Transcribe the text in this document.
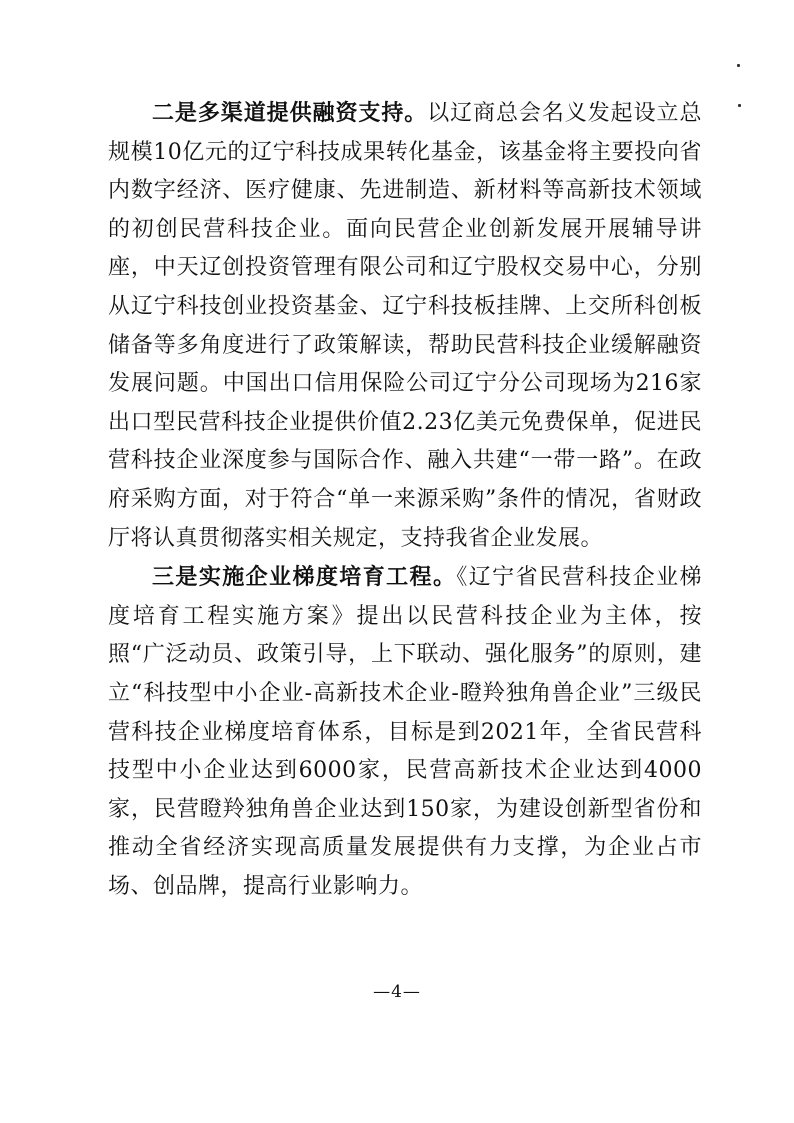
二是多渠道提供融资支持。以辽商总会名义发起设立总规模10亿元的辽宁科技成果转化基金，该基金将主要投向省内数字经济、医疗健康、先进制造、新材料等高新技术领域的初创民营科技企业。面向民营企业创新发展开展辅导讲座，中天辽创投资管理有限公司和辽宁股权交易中心，分别从辽宁科技创业投资基金、辽宁科技板挂牌、上交所科创板储备等多角度进行了政策解读，帮助民营科技企业缓解融资发展问题。中国出口信用保险公司辽宁分公司现场为216家出口型民营科技企业提供价值2.23亿美元免费保单，促进民营科技企业深度参与国际合作、融入共建“一带一路”。在政府采购方面，对于符合“单一来源采购”条件的情况，省财政厅将认真贯彻落实相关规定，支持我省企业发展。

三是实施企业梯度培育工程。《辽宁省民营科技企业梯度培育工程实施方案》提出以民营科技企业为主体，按照“广泛动员、政策引导，上下联动、强化服务”的原则，建立“科技型中小企业-高新技术企业-瞪羚独角兽企业”三级民营科技企业梯度培育体系，目标是到2021年，全省民营科技型中小企业达到6000家，民营高新技术企业达到4000家，民营瞪羚独角兽企业达到150家，为建设创新型省份和推动全省经济实现高质量发展提供有力支撑，为企业占市场、创品牌，提高行业影响力。

—4—
